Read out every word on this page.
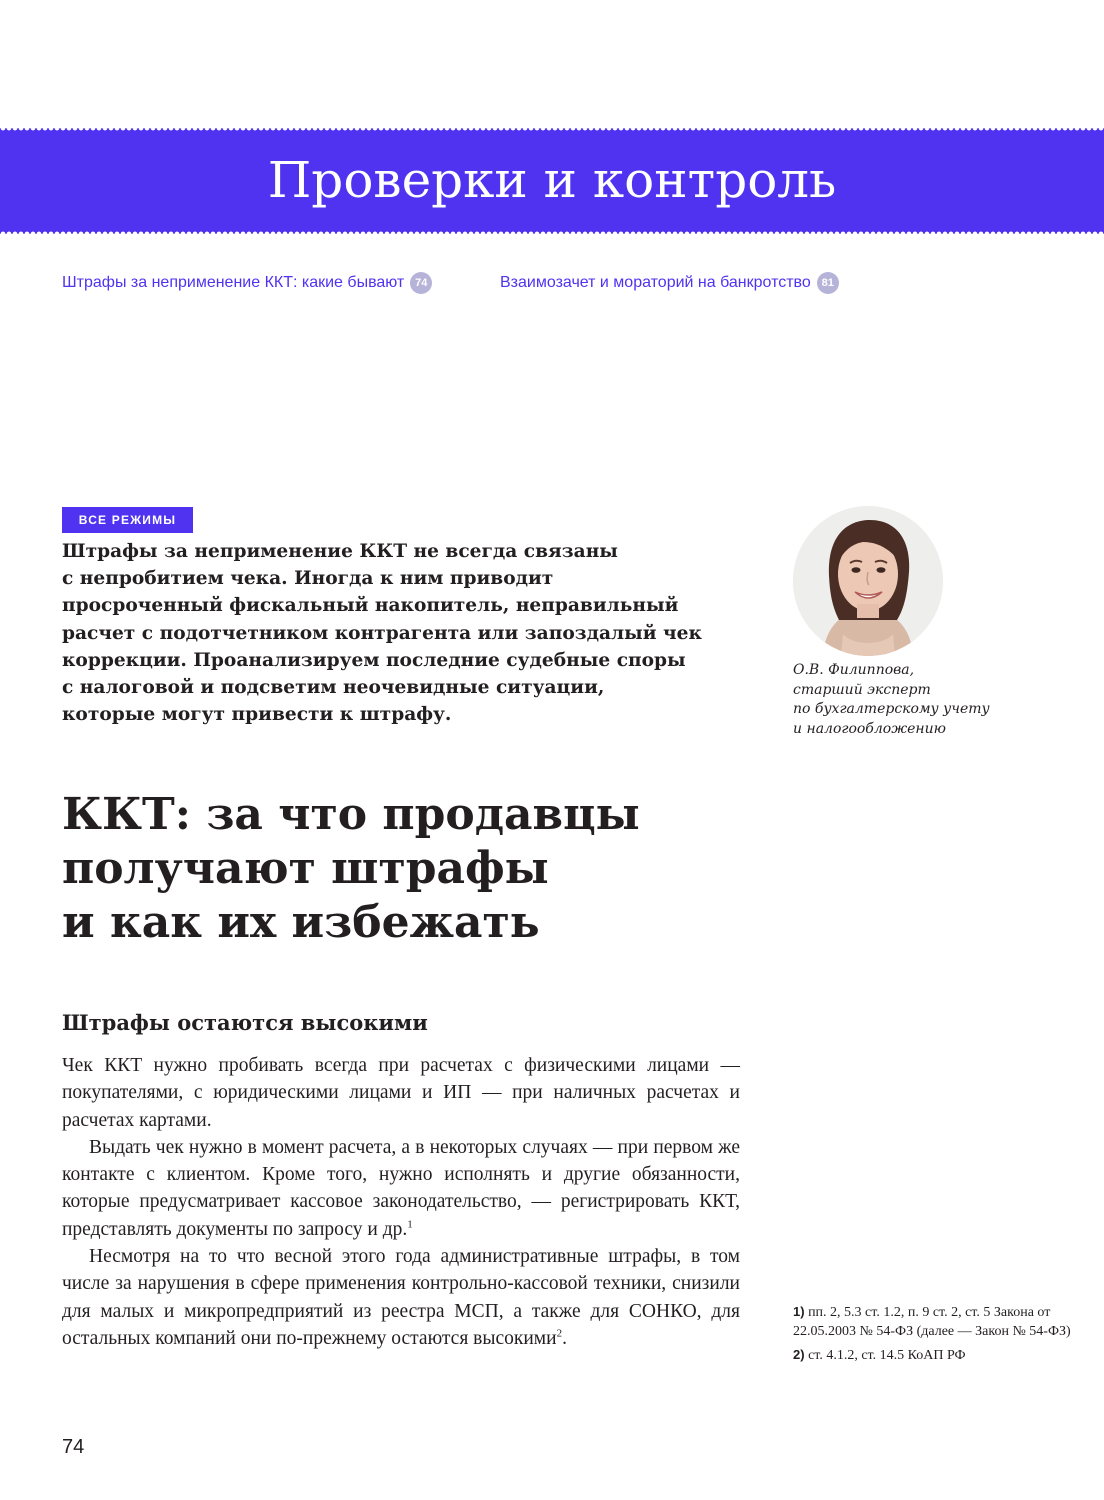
Проверки и контроль
Штрафы за неприменение ККТ: какие бывают 74	Взаимозачет и мораторий на банкротство 81
ВСЕ РЕЖИМЫ

Штрафы за неприменение ККТ не всегда связаны
с непробитием чека. Иногда к ним приводит
просроченный фискальный накопитель, неправильный
расчет с подотчетником контрагента или запоздалый чек
коррекции. Проанализируем последние судебные споры
с налоговой и подсветим неочевидные ситуации,
которые могут привести к штрафу.

О.В. Филиппова,
старший эксперт
по бухгалтерскому учету
и налогообложению
ККТ: за что продавцы
получают штрафы
и как их избежать
Штрафы остаются высокими

Чек ККТ нужно пробивать всегда при расчетах с физическими лицами — покупателями, с юридическими лицами и ИП — при наличных расчетах и расчетах картами.

Выдать чек нужно в момент расчета, а в некоторых случаях — при первом же контакте с клиентом. Кроме того, нужно исполнять и другие обязанности, которые предусматривает кассовое законодательство, — регистрировать ККТ, представлять документы по запросу и др.$^1$

Несмотря на то что весной этого года административные штрафы, в том числе за нарушения в сфере применения контрольно-кассовой техники, снизили для малых и микропредприятий из реестра МСП, а также для СОНКО, для остальных компаний они по-прежнему остаются высокими$^2$.

1) пп. 2, 5.3 ст. 1.2, п. 9 ст. 2, ст. 5 Закона от 22.05.2003 № 54-ФЗ (далее — Закон № 54-ФЗ)

2) ст. 4.1.2, ст. 14.5 КоАП РФ

74
